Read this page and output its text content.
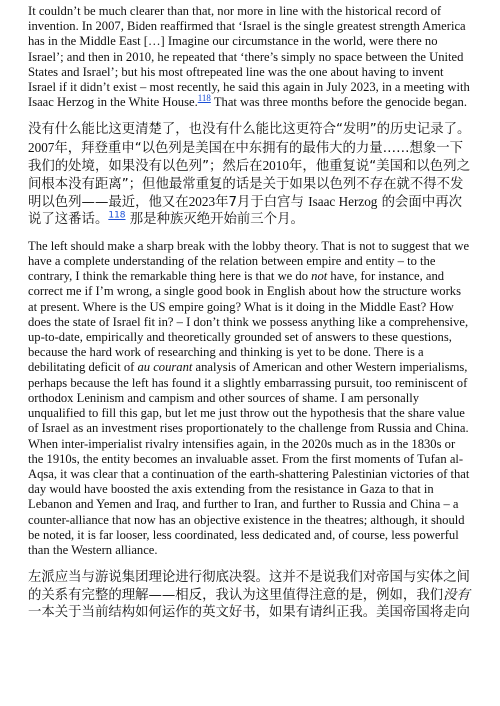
It couldn’t be much clearer than that, nor more in line with the historical record of invention. In 2007, Biden reaffirmed that ‘Israel is the single greatest strength America has in the Middle East […] Imagine our circumstance in the world, were there no Israel’; and then in 2010, he repeated that ‘there’s simply no space between the United States and Israel’; but his most oftrepeated line was the one about having to invent Israel if it didn’t exist – most recently, he said this again in July 2023, in a meeting with Isaac Herzog in the White House.$^{118}$ That was three months before the genocide began.

没有什么能比这更清楚了，也没有什么能比这更符合“发明”的历史记录了。2007年，拜登重申“以色列是美国在中东拥有的最伟大的力量……想象一下我们的处境，如果没有以色列”；然后在2010年，他重复说“美国和以色列之间根本没有距离”；但他最常重复的话是关于如果以色列不存在就不得不发明以色列——最近，他又在2023年7月于白宫与 Isaac Herzog 的会面中再次说了这番话。$^{118}$ 那是种族灭绝开始前三个月。

The left should make a sharp break with the lobby theory. That is not to suggest that we have a complete understanding of the relation between empire and entity – to the contrary, I think the remarkable thing here is that we do not have, for instance, and correct me if I’m wrong, a single good book in English about how the structure works at present. Where is the US empire going? What is it doing in the Middle East? How does the state of Israel fit in? – I don’t think we possess anything like a comprehensive, up-to-date, empirically and theoretically grounded set of answers to these questions, because the hard work of researching and thinking is yet to be done. There is a debilitating deficit of au courant analysis of American and other Western imperialisms, perhaps because the left has found it a slightly embarrassing pursuit, too reminiscent of orthodox Leninism and campism and other sources of shame. I am personally unqualified to fill this gap, but let me just throw out the hypothesis that the share value of Israel as an investment rises proportionately to the challenge from Russia and China. When inter-imperialist rivalry intensifies again, in the 2020s much as in the 1830s or the 1910s, the entity becomes an invaluable asset. From the first moments of Tufan al-Aqsa, it was clear that a continuation of the earth-shattering Palestinian victories of that day would have boosted the axis extending from the resistance in Gaza to that in Lebanon and Yemen and Iraq, and further to Iran, and further to Russia and China – a counter-alliance that now has an objective existence in the theatres; although, it should be noted, it is far looser, less coordinated, less dedicated and, of course, less powerful than the Western alliance.

左派应当与游说集团理论进行彻底决裂。这并不是说我们对帝国与实体之间的关系有完整的理解——相反，我认为这里值得注意的是，例如，我们没有一本关于当前结构如何运作的英文好书，如果有请纠正我。美国帝国将走向
